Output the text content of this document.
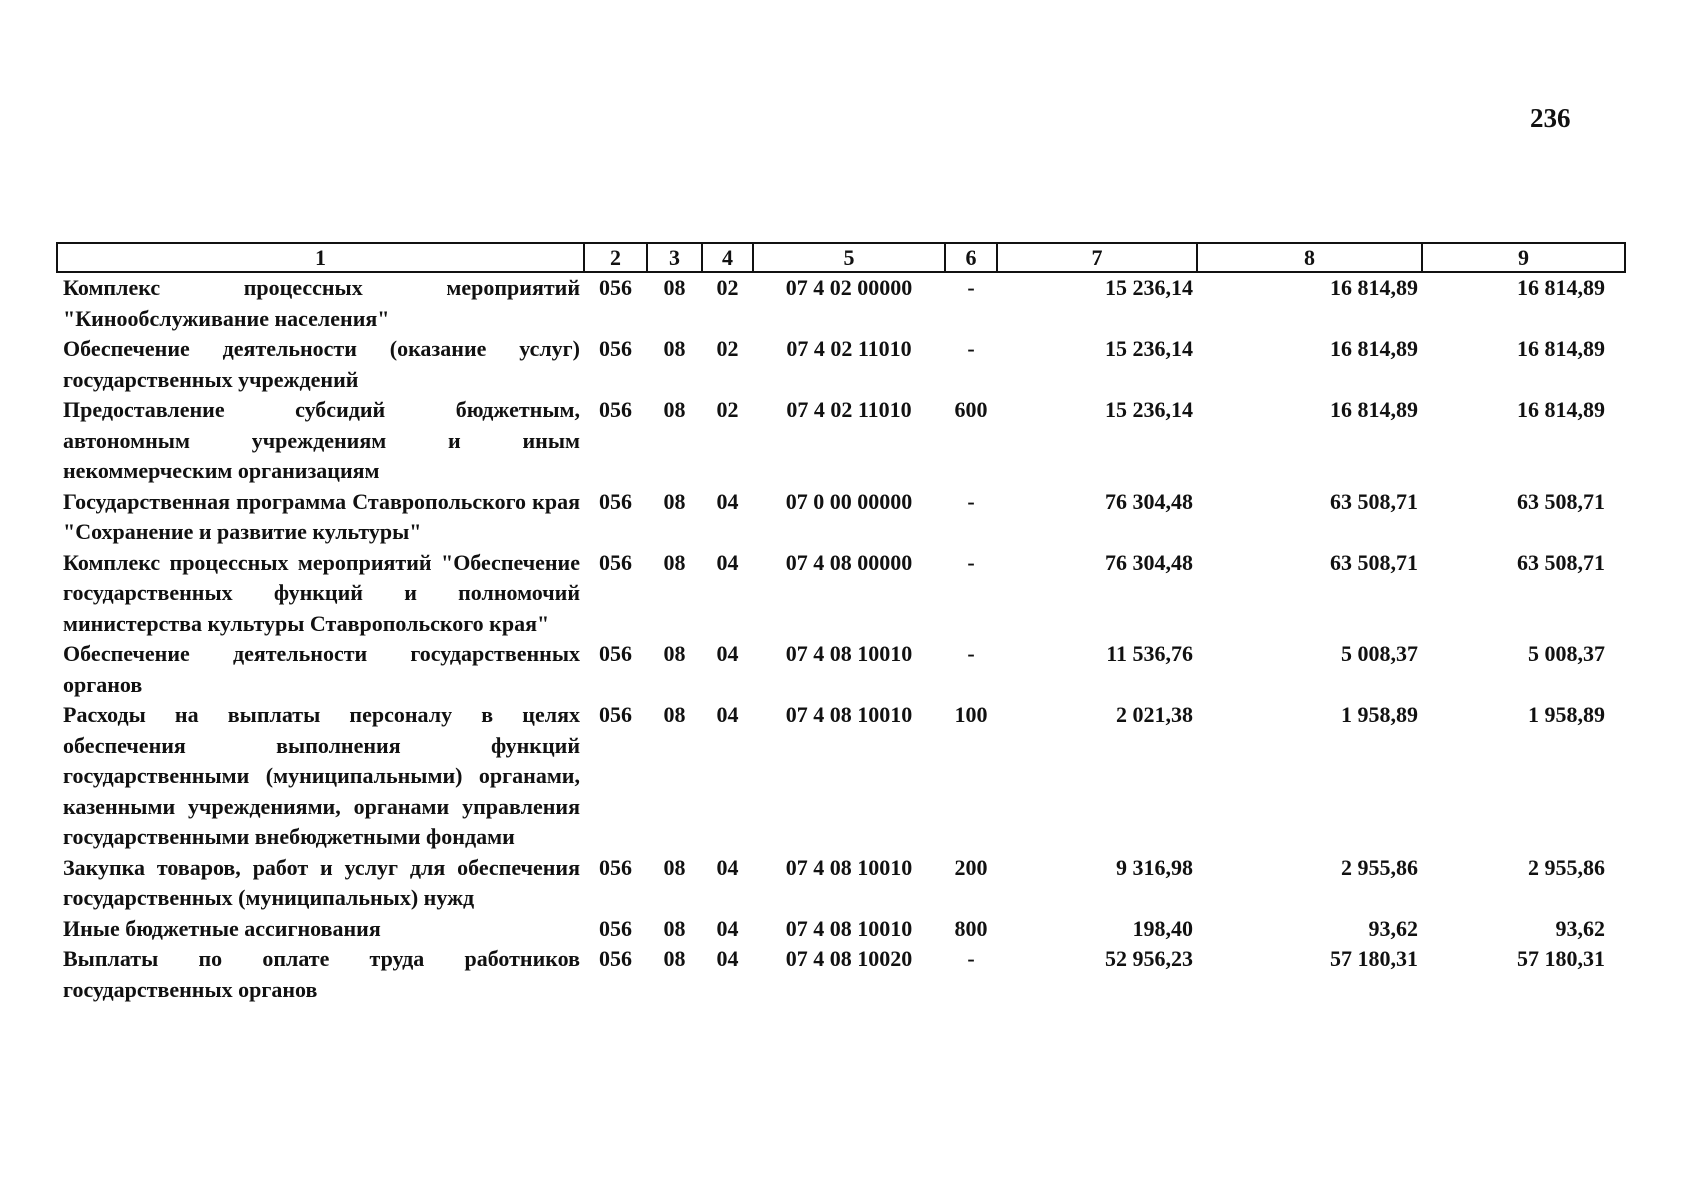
236
1	2	3	4	5	6	7	8	9
Комплекс процессных мероприятий "Кинообслуживание населения"	056	08	02	07 4 02 00000	-	15 236,14	16 814,89	16 814,89
Обеспечение деятельности (оказание услуг) государственных учреждений	056	08	02	07 4 02 11010	-	15 236,14	16 814,89	16 814,89
Предоставление субсидий бюджетным, автономным учреждениям и иным некоммерческим организациям	056	08	02	07 4 02 11010	600	15 236,14	16 814,89	16 814,89
Государственная программа Ставропольского края "Сохранение и развитие культуры"	056	08	04	07 0 00 00000	-	76 304,48	63 508,71	63 508,71
Комплекс процессных мероприятий "Обеспечение государственных функций и полномочий министерства культуры Ставропольского края"	056	08	04	07 4 08 00000	-	76 304,48	63 508,71	63 508,71
Обеспечение деятельности государственных органов	056	08	04	07 4 08 10010	-	11 536,76	5 008,37	5 008,37
Расходы на выплаты персоналу в целях обеспечения выполнения функций государственными (муниципальными) органами, казенными учреждениями, органами управления государственными внебюджетными фондами	056	08	04	07 4 08 10010	100	2 021,38	1 958,89	1 958,89
Закупка товаров, работ и услуг для обеспечения государственных (муниципальных) нужд	056	08	04	07 4 08 10010	200	9 316,98	2 955,86	2 955,86
Иные бюджетные ассигнования	056	08	04	07 4 08 10010	800	198,40	93,62	93,62
Выплаты по оплате труда работников государственных органов	056	08	04	07 4 08 10020	-	52 956,23	57 180,31	57 180,31
